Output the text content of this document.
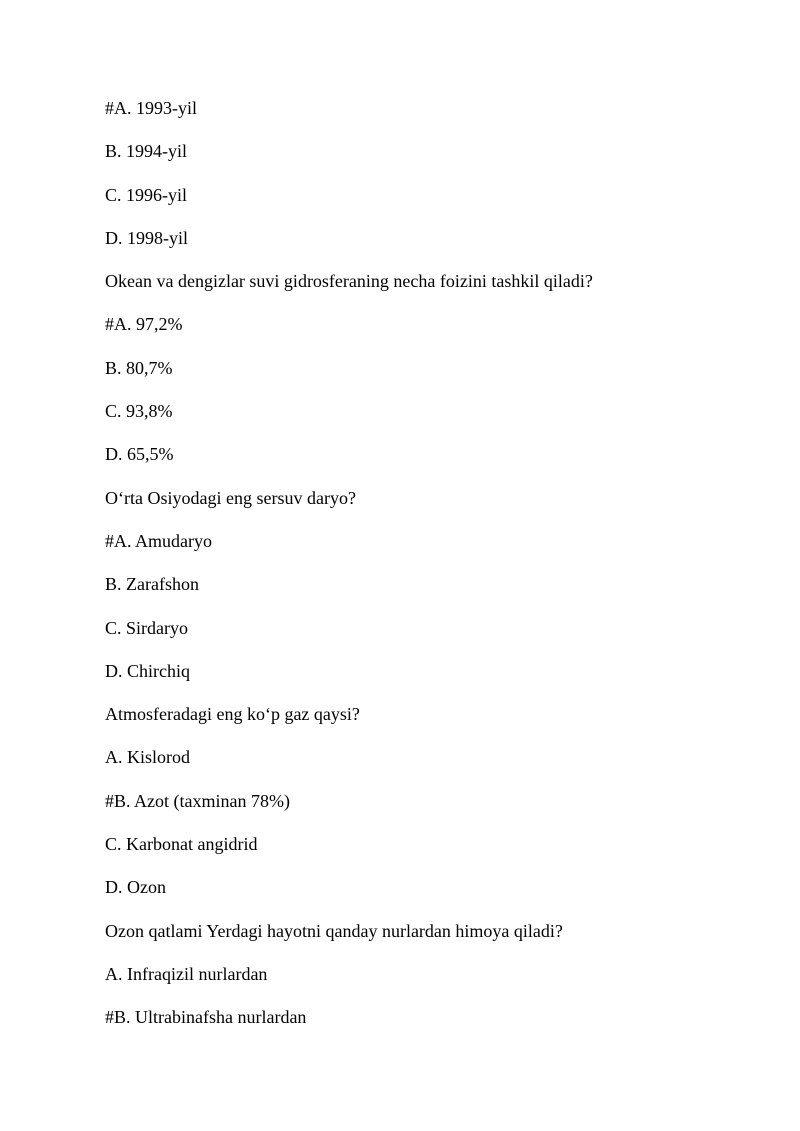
#A. 1993-yil

B. 1994-yil

C. 1996-yil

D. 1998-yil

Okean va dengizlar suvi gidrosferaning necha foizini tashkil qiladi?

#A. 97,2%

B. 80,7%

C. 93,8%

D. 65,5%

O‘rta Osiyodagi eng sersuv daryo?

#A. Amudaryo

B. Zarafshon

C. Sirdaryo

D. Chirchiq

Atmosferadagi eng ko‘p gaz qaysi?

A. Kislorod

#B. Azot (taxminan 78%)

C. Karbonat angidrid

D. Ozon

Ozon qatlami Yerdagi hayotni qanday nurlardan himoya qiladi?

A. Infraqizil nurlardan

#B. Ultrabinafsha nurlardan
